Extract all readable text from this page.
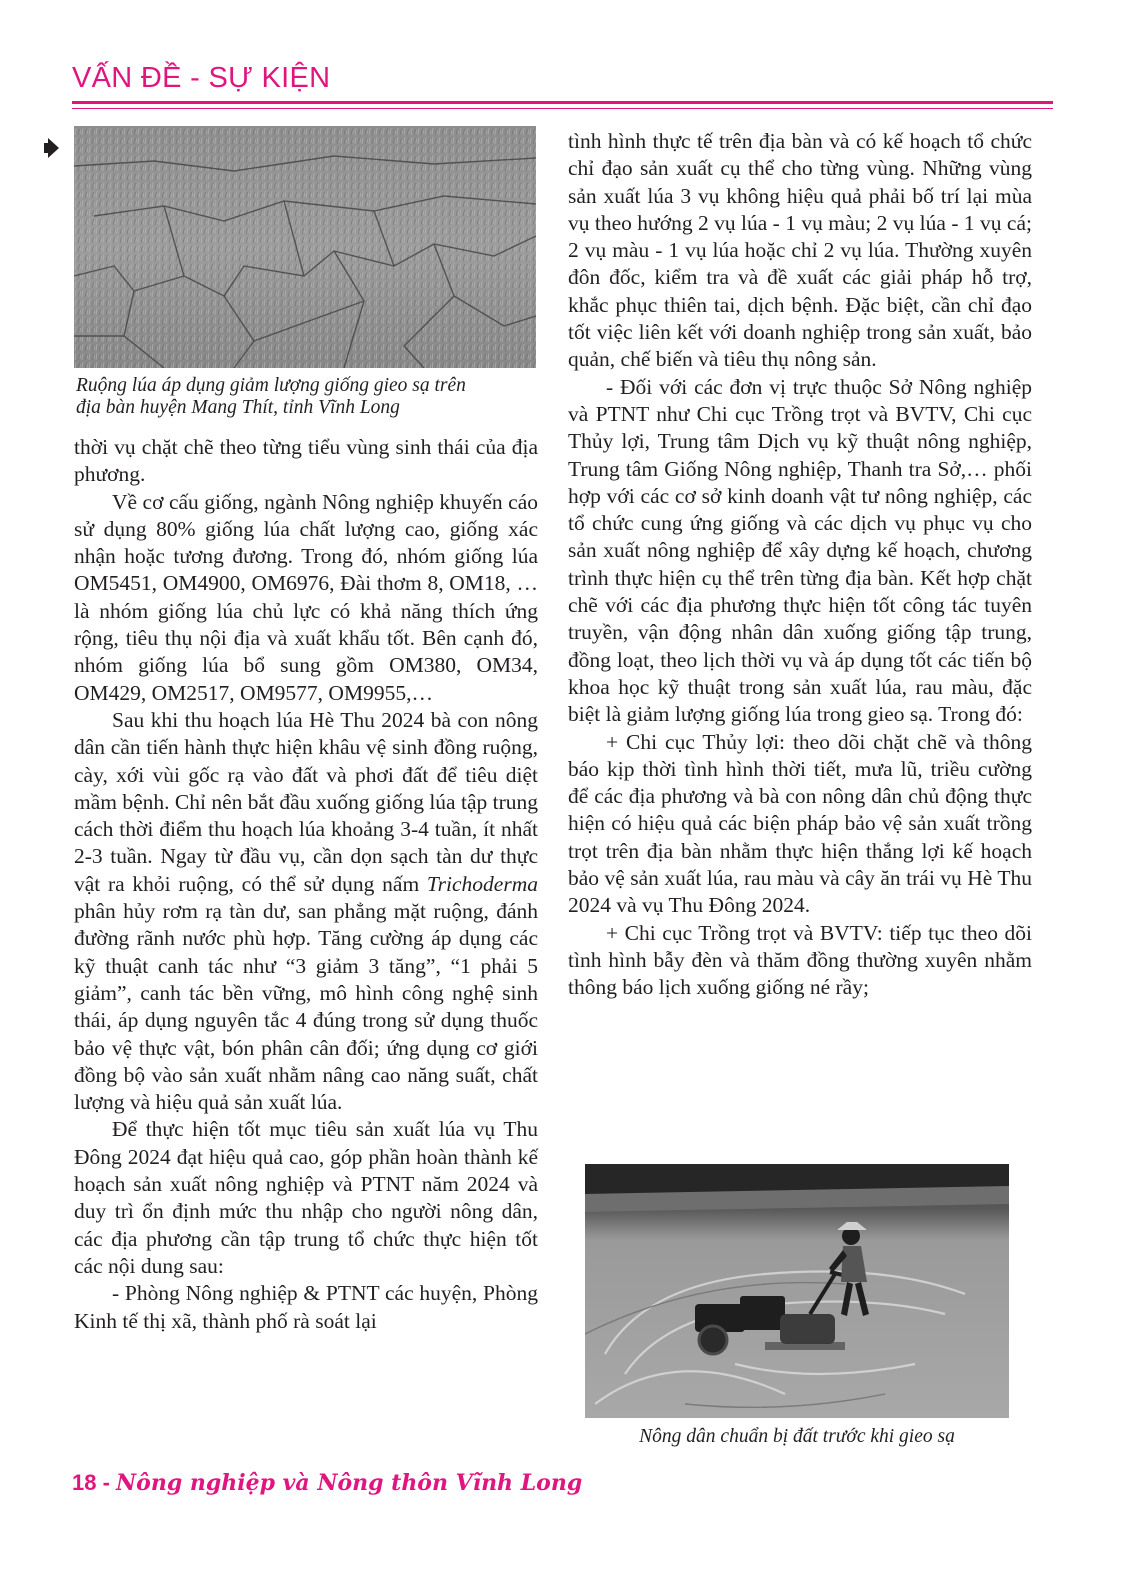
VẤN ĐỀ - SỰ KIỆN

Ruộng lúa áp dụng giảm lượng giống gieo sạ trên
địa bàn huyện Mang Thít, tỉnh Vĩnh Long

thời vụ chặt chẽ theo từng tiểu vùng sinh thái của địa phương.

Về cơ cấu giống, ngành Nông nghiệp khuyến cáo sử dụng 80% giống lúa chất lượng cao, giống xác nhận hoặc tương đương. Trong đó, nhóm giống lúa OM5451, OM4900, OM6976, Đài thơm 8, OM18, … là nhóm giống lúa chủ lực có khả năng thích ứng rộng, tiêu thụ nội địa và xuất khẩu tốt. Bên cạnh đó, nhóm giống lúa bổ sung gồm OM380, OM34, OM429, OM2517, OM9577, OM9955,…

Sau khi thu hoạch lúa Hè Thu 2024 bà con nông dân cần tiến hành thực hiện khâu vệ sinh đồng ruộng, cày, xới vùi gốc rạ vào đất và phơi đất để tiêu diệt mầm bệnh. Chỉ nên bắt đầu xuống giống lúa tập trung cách thời điểm thu hoạch lúa khoảng 3-4 tuần, ít nhất 2-3 tuần. Ngay từ đầu vụ, cần dọn sạch tàn dư thực vật ra khỏi ruộng, có thể sử dụng nấm Trichoderma phân hủy rơm rạ tàn dư, san phẳng mặt ruộng, đánh đường rãnh nước phù hợp. Tăng cường áp dụng các kỹ thuật canh tác như “3 giảm 3 tăng”, “1 phải 5 giảm”, canh tác bền vững, mô hình công nghệ sinh thái, áp dụng nguyên tắc 4 đúng trong sử dụng thuốc bảo vệ thực vật, bón phân cân đối; ứng dụng cơ giới đồng bộ vào sản xuất nhằm nâng cao năng suất, chất lượng và hiệu quả sản xuất lúa.

Để thực hiện tốt mục tiêu sản xuất lúa vụ Thu Đông 2024 đạt hiệu quả cao, góp phần hoàn thành kế hoạch sản xuất nông nghiệp và PTNT năm 2024 và duy trì ổn định mức thu nhập cho người nông dân, các địa phương cần tập trung tổ chức thực hiện tốt các nội dung sau:

- Phòng Nông nghiệp & PTNT các huyện, Phòng Kinh tế thị xã, thành phố rà soát lại

tình hình thực tế trên địa bàn và có kế hoạch tổ chức chỉ đạo sản xuất cụ thể cho từng vùng. Những vùng sản xuất lúa 3 vụ không hiệu quả phải bố trí lại mùa vụ theo hướng 2 vụ lúa - 1 vụ màu; 2 vụ lúa - 1 vụ cá; 2 vụ màu - 1 vụ lúa hoặc chỉ 2 vụ lúa. Thường xuyên đôn đốc, kiểm tra và đề xuất các giải pháp hỗ trợ, khắc phục thiên tai, dịch bệnh. Đặc biệt, cần chỉ đạo tốt việc liên kết với doanh nghiệp trong sản xuất, bảo quản, chế biến và tiêu thụ nông sản.

- Đối với các đơn vị trực thuộc Sở Nông nghiệp và PTNT như Chi cục Trồng trọt và BVTV, Chi cục Thủy lợi, Trung tâm Dịch vụ kỹ thuật nông nghiệp, Trung tâm Giống Nông nghiệp, Thanh tra Sở,… phối hợp với các cơ sở kinh doanh vật tư nông nghiệp, các tổ chức cung ứng giống và các dịch vụ phục vụ cho sản xuất nông nghiệp để xây dựng kế hoạch, chương trình thực hiện cụ thể trên từng địa bàn. Kết hợp chặt chẽ với các địa phương thực hiện tốt công tác tuyên truyền, vận động nhân dân xuống giống tập trung, đồng loạt, theo lịch thời vụ và áp dụng tốt các tiến bộ khoa học kỹ thuật trong sản xuất lúa, rau màu, đặc biệt là giảm lượng giống lúa trong gieo sạ. Trong đó:

+ Chi cục Thủy lợi: theo dõi chặt chẽ và thông báo kịp thời tình hình thời tiết, mưa lũ, triều cường để các địa phương và bà con nông dân chủ động thực hiện có hiệu quả các biện pháp bảo vệ sản xuất trồng trọt trên địa bàn nhằm thực hiện thắng lợi kế hoạch bảo vệ sản xuất lúa, rau màu và cây ăn trái vụ Hè Thu 2024 và vụ Thu Đông 2024.

+ Chi cục Trồng trọt và BVTV: tiếp tục theo dõi tình hình bẫy đèn và thăm đồng thường xuyên nhằm thông báo lịch xuống giống né rầy;

Nông dân chuẩn bị đất trước khi gieo sạ

18 - Nông nghiệp và Nông thôn Vĩnh Long
